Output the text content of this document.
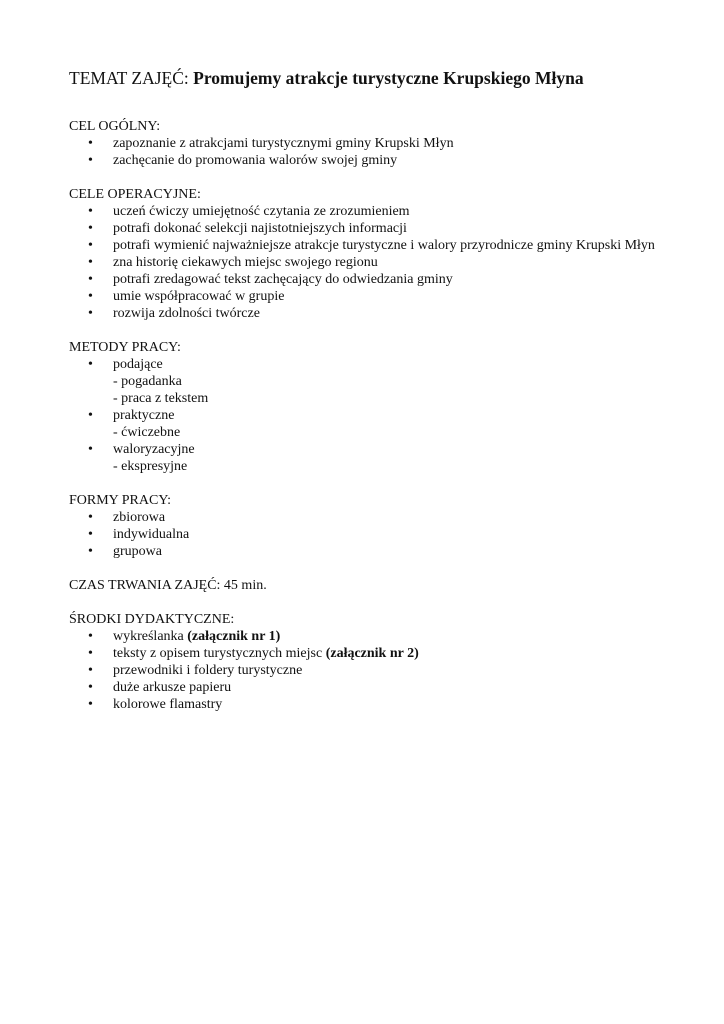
TEMAT ZAJĘĆ: Promujemy atrakcje turystyczne Krupskiego Młyna

CEL OGÓLNY:

• zapoznanie z atrakcjami turystycznymi gminy Krupski Młyn
• zachęcanie do promowania walorów swojej gminy

CELE OPERACYJNE:

• uczeń ćwiczy umiejętność czytania ze zrozumieniem
• potrafi dokonać selekcji najistotniejszych informacji
• potrafi wymienić najważniejsze atrakcje turystyczne i walory przyrodnicze gminy Krupski Młyn
• zna historię ciekawych miejsc swojego regionu
• potrafi zredagować tekst zachęcający do odwiedzania gminy
• umie współpracować w grupie
• rozwija zdolności twórcze

METODY PRACY:

• podające
- pogadanka
- praca z tekstem
• praktyczne
- ćwiczebne
• waloryzacyjne
- ekspresyjne

FORMY PRACY:

• zbiorowa
• indywidualna
• grupowa

CZAS TRWANIA ZAJĘĆ: 45 min.

ŚRODKI DYDAKTYCZNE:

• wykreślanka (załącznik nr 1)
• teksty z opisem turystycznych miejsc (załącznik nr 2)
• przewodniki i foldery turystyczne
• duże arkusze papieru
• kolorowe flamastry
